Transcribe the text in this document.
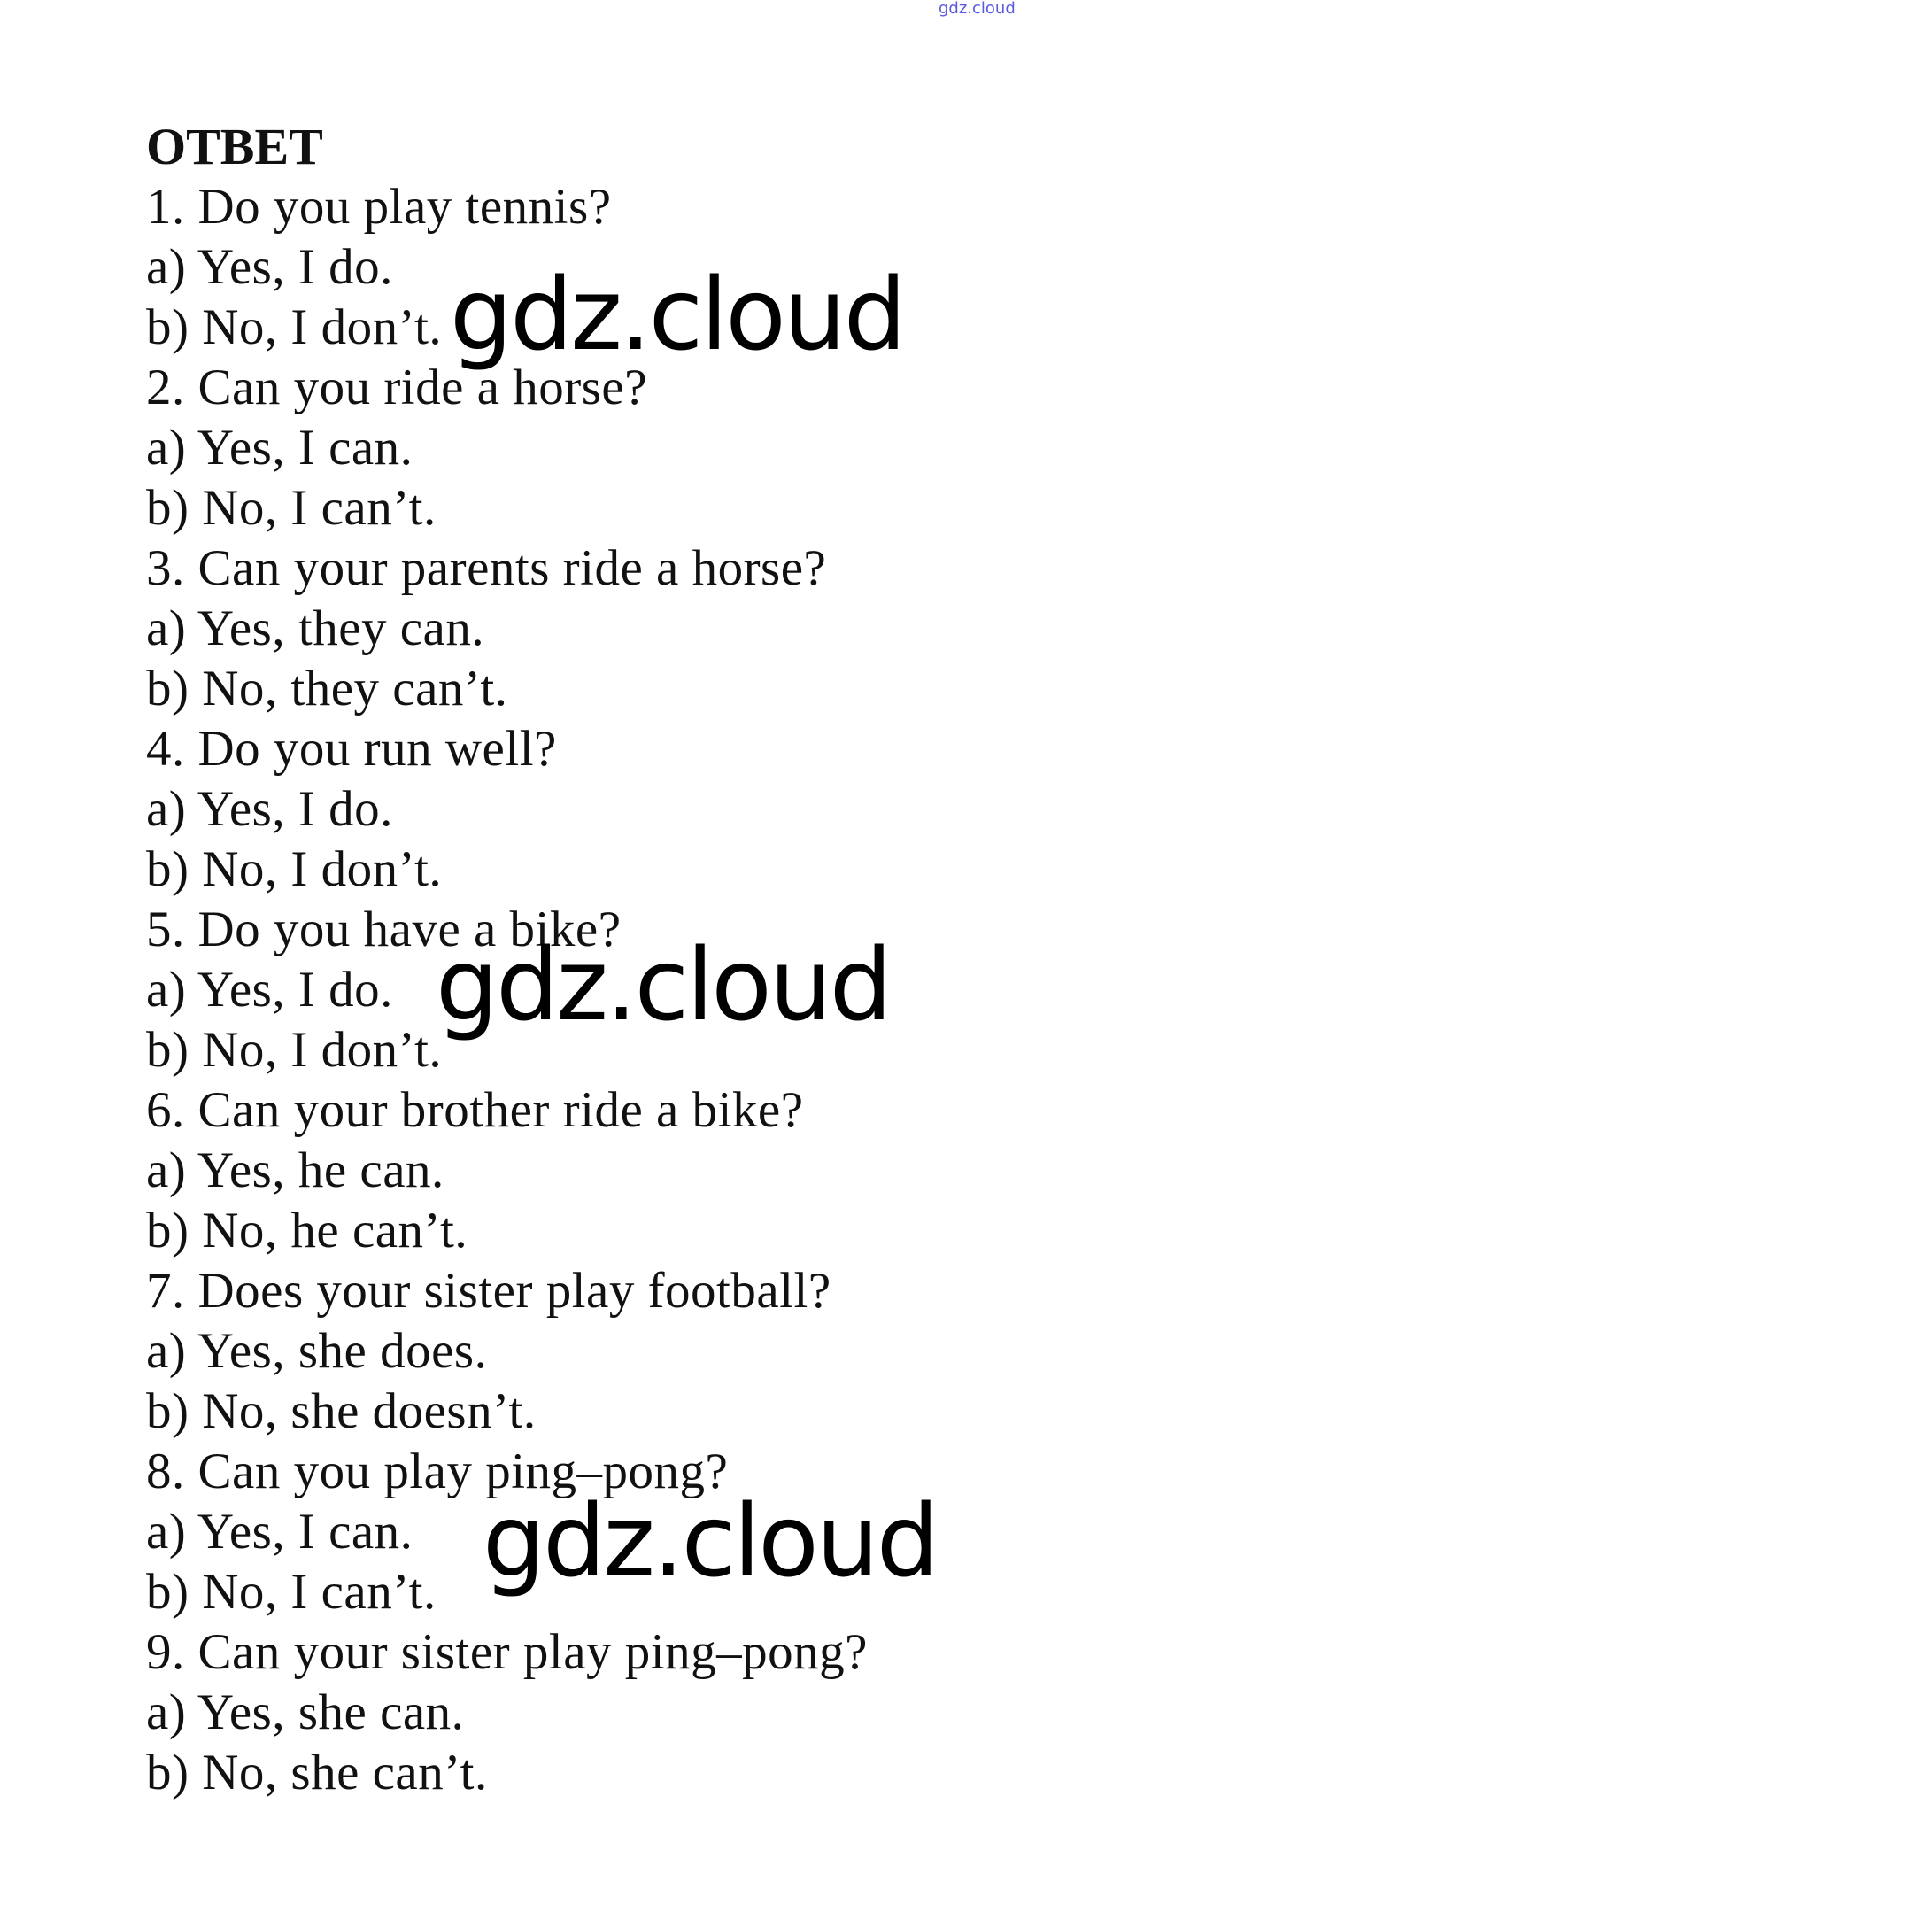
gdz.cloud
ОТВЕТ
1. Do you play tennis?
a) Yes, I do.
b) No, I don’t.
2. Can you ride a horse?
a) Yes, I can.
b) No, I can’t.
3. Can your parents ride a horse?
a) Yes, they can.
b) No, they can’t.
4. Do you run well?
a) Yes, I do.
b) No, I don’t.
5. Do you have a bike?
a) Yes, I do.
b) No, I don’t.
6. Can your brother ride a bike?
a) Yes, he can.
b) No, he can’t.
7. Does your sister play football?
a) Yes, she does.
b) No, she doesn’t.
8. Can you play ping–pong?
a) Yes, I can.
b) No, I can’t.
9. Can your sister play ping–pong?
a) Yes, she can.
b) No, she can’t.
gdz.cloud
gdz.cloud
gdz.cloud
